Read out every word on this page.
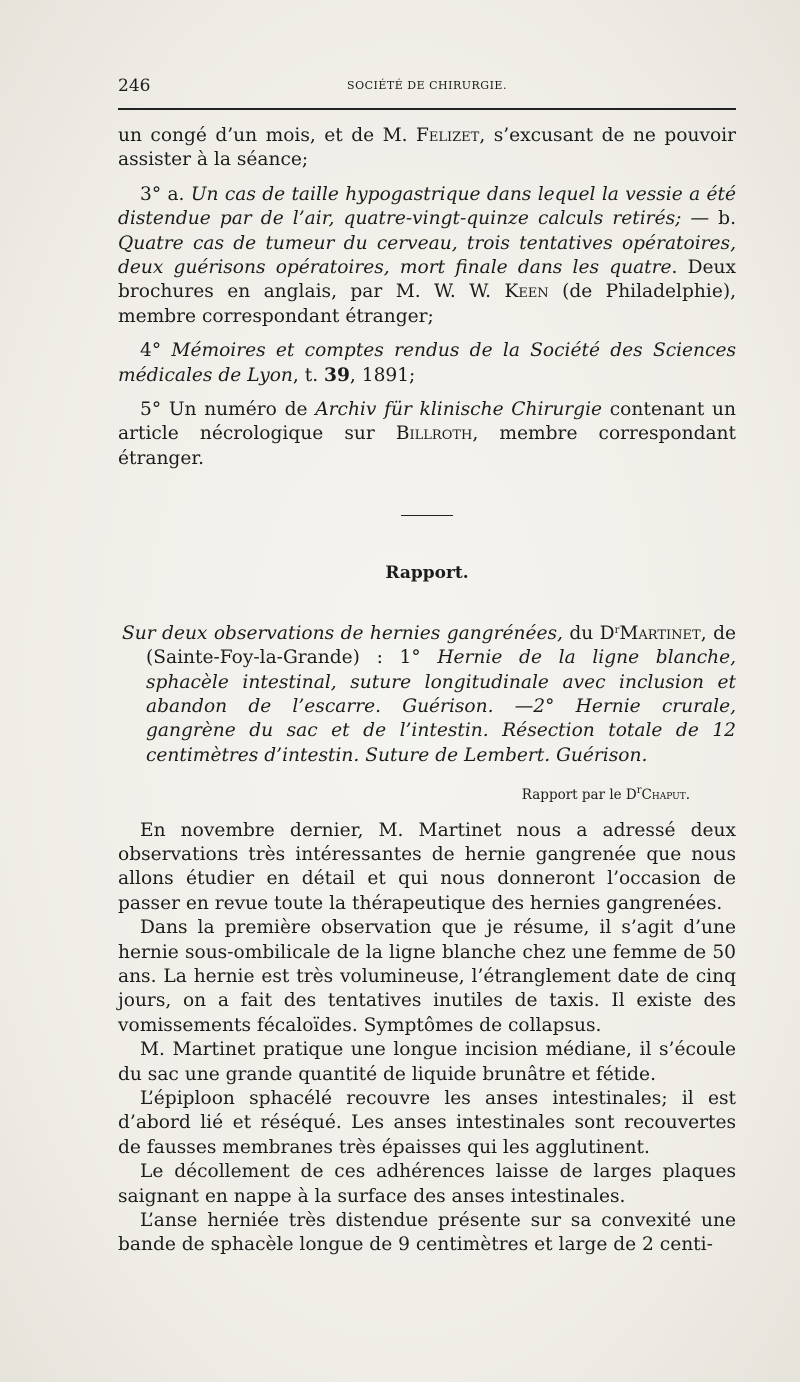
246	SOCIÉTÉ DE CHIRURGIE.

un congé d’un mois, et de M. Felizet, s’excusant de ne pouvoir assister à la séance;

3° a. Un cas de taille hypogastrique dans lequel la vessie a été distendue par de l’air, quatre-vingt-quinze calculs retirés; — b. Quatre cas de tumeur du cerveau, trois tentatives opératoires, deux guérisons opératoires, mort finale dans les quatre. Deux brochures en anglais, par M. W. W. Keen (de Philadelphie), membre correspondant étranger;

4° Mémoires et comptes rendus de la Société des Sciences médicales de Lyon, t. 39, 1891;

5° Un numéro de Archiv für klinische Chirurgie contenant un article nécrologique sur Billroth, membre correspondant étranger.

Rapport.

Sur deux observations de hernies gangrénées, du $D^rMartinet$, de (Sainte-Foy-la-Grande) : 1° Hernie de la ligne blanche, sphacèle intestinal, suture longitudinale avec inclusion et abandon de l’escarre. Guérison. —2° Hernie crurale, gangrène du sac et de l’intestin. Résection totale de 12 centimètres d’intestin. Suture de Lembert. Guérison.

Rapport par le $D^rChaput$.

En novembre dernier, M. Martinet nous a adressé deux observations très intéressantes de hernie gangrenée que nous allons étudier en détail et qui nous donneront l’occasion de passer en revue toute la thérapeutique des hernies gangrenées.

Dans la première observation que je résume, il s’agit d’une hernie sous-ombilicale de la ligne blanche chez une femme de 50 ans. La hernie est très volumineuse, l’étranglement date de cinq jours, on a fait des tentatives inutiles de taxis. Il existe des vomissements fécaloïdes. Symptômes de collapsus.

M. Martinet pratique une longue incision médiane, il s’écoule du sac une grande quantité de liquide brunâtre et fétide.

L’épiploon sphacélé recouvre les anses intestinales; il est d’abord lié et réséqué. Les anses intestinales sont recouvertes de fausses membranes très épaisses qui les agglutinent.

Le décollement de ces adhérences laisse de larges plaques saignant en nappe à la surface des anses intestinales.

L’anse herniée très distendue présente sur sa convexité une bande de sphacèle longue de 9 centimètres et large de 2 centi-
